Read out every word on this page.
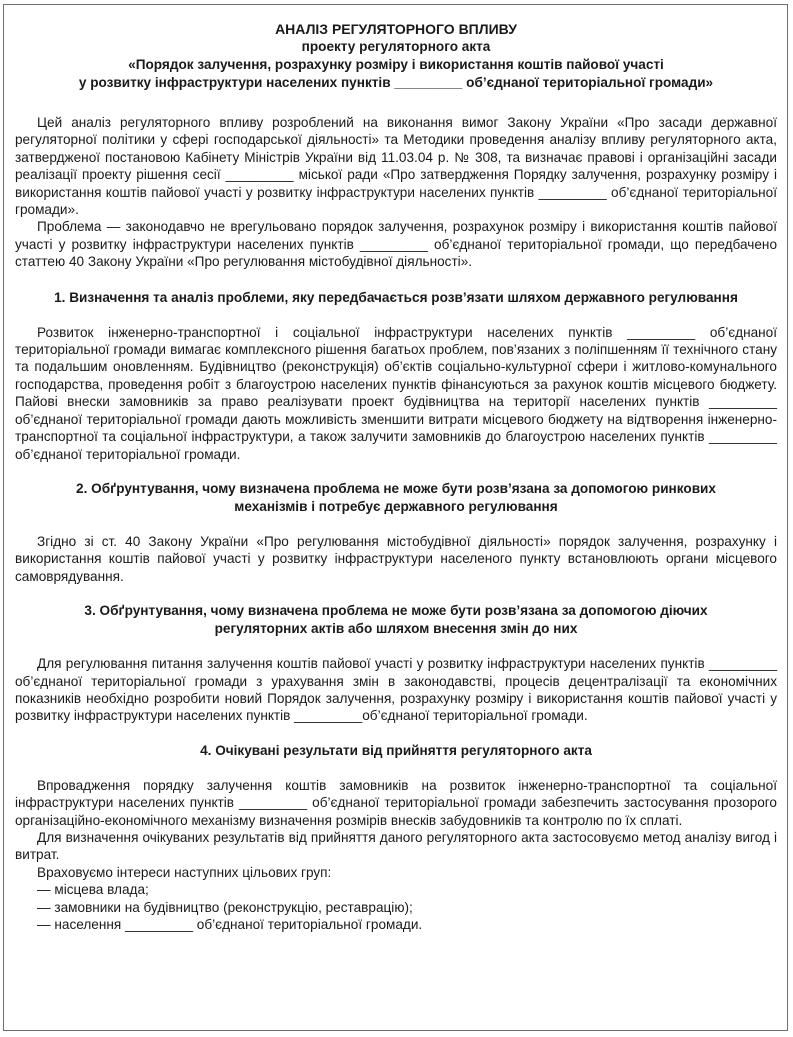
АНАЛІЗ РЕГУЛЯТОРНОГО ВПЛИВУ
проекту регуляторного акта
«Порядок залучення, розрахунку розміру і використання коштів пайової участі
у розвитку інфраструктури населених пунктів _________ об’єднаної територіальної громади»

Цей аналіз регуляторного впливу розроблений на виконання вимог Закону України «Про засади державної регуляторної політики у сфері господарської діяльності» та Методики проведення аналізу впливу регуляторного акта, затвердженої постановою Кабінету Міністрів України від 11.03.04 р. № 308, та визначає правові і організаційні засади реалізації проекту рішення сесії _________ міської ради «Про затвердження Порядку залучення, розрахунку розміру і використання коштів пайової участі у розвитку інфраструктури населених пунктів _________ об’єднаної територіальної громади».

Проблема — законодавчо не врегульовано порядок залучення, розрахунок розміру і використання коштів пайової участі у розвитку інфраструктури населених пунктів _________ об’єднаної територіальної громади, що передбачено статтею 40 Закону України «Про регулювання містобудівної діяльності».

1. Визначення та аналіз проблеми, яку передбачається розв’язати шляхом державного регулювання

Розвиток інженерно-транспортної і соціальної інфраструктури населених пунктів _________ об’єднаної територіальної громади вимагає комплексного рішення багатьох проблем, пов’язаних з поліпшенням її технічного стану та подальшим оновленням. Будівництво (реконструкція) об’єктів соціально-культурної сфери і житлово-комунального господарства, проведення робіт з благоустрою населених пунктів фінансуються за рахунок коштів місцевого бюджету. Пайові внески замовників за право реалізувати проект будівництва на території населених пунктів _________ об’єднаної територіальної громади дають можливість зменшити витрати місцевого бюджету на відтворення інженерно-транспортної та соціальної інфраструктури, а також залучити замовників до благоустрою населених пунктів _________ об’єднаної територіальної громади.

2. Обґрунтування, чому визначена проблема не може бути розв’язана за допомогою ринкових механізмів і потребує державного регулювання

Згідно зі ст. 40 Закону України «Про регулювання містобудівної діяльності» порядок залучення, розрахунку і використання коштів пайової участі у розвитку інфраструктури населеного пункту встановлюють органи місцевого самоврядування.

3. Обґрунтування, чому визначена проблема не може бути розв’язана за допомогою діючих регуляторних актів або шляхом внесення змін до них

Для регулювання питання залучення коштів пайової участі у розвитку інфраструктури населених пунктів _________ об’єднаної територіальної громади з урахування змін в законодавстві, процесів децентралізації та економічних показників необхідно розробити новий Порядок залучення, розрахунку розміру і використання коштів пайової участі у розвитку інфраструктури населених пунктів _________об’єднаної територіальної громади.

4. Очікувані результати від прийняття регуляторного акта

Впровадження порядку залучення коштів замовників на розвиток інженерно-транспортної та соціальної інфраструктури населених пунктів _________ об’єднаної територіальної громади забезпечить застосування прозорого організаційно-економічного механізму визначення розмірів внесків забудовників та контролю по їх сплаті.

Для визначення очікуваних результатів від прийняття даного регуляторного акта застосовуємо метод аналізу вигод і витрат.

Враховуємо інтереси наступних цільових груп:

— місцева влада;

— замовники на будівництво (реконструкцію, реставрацію);

— населення _________ об’єднаної територіальної громади.
